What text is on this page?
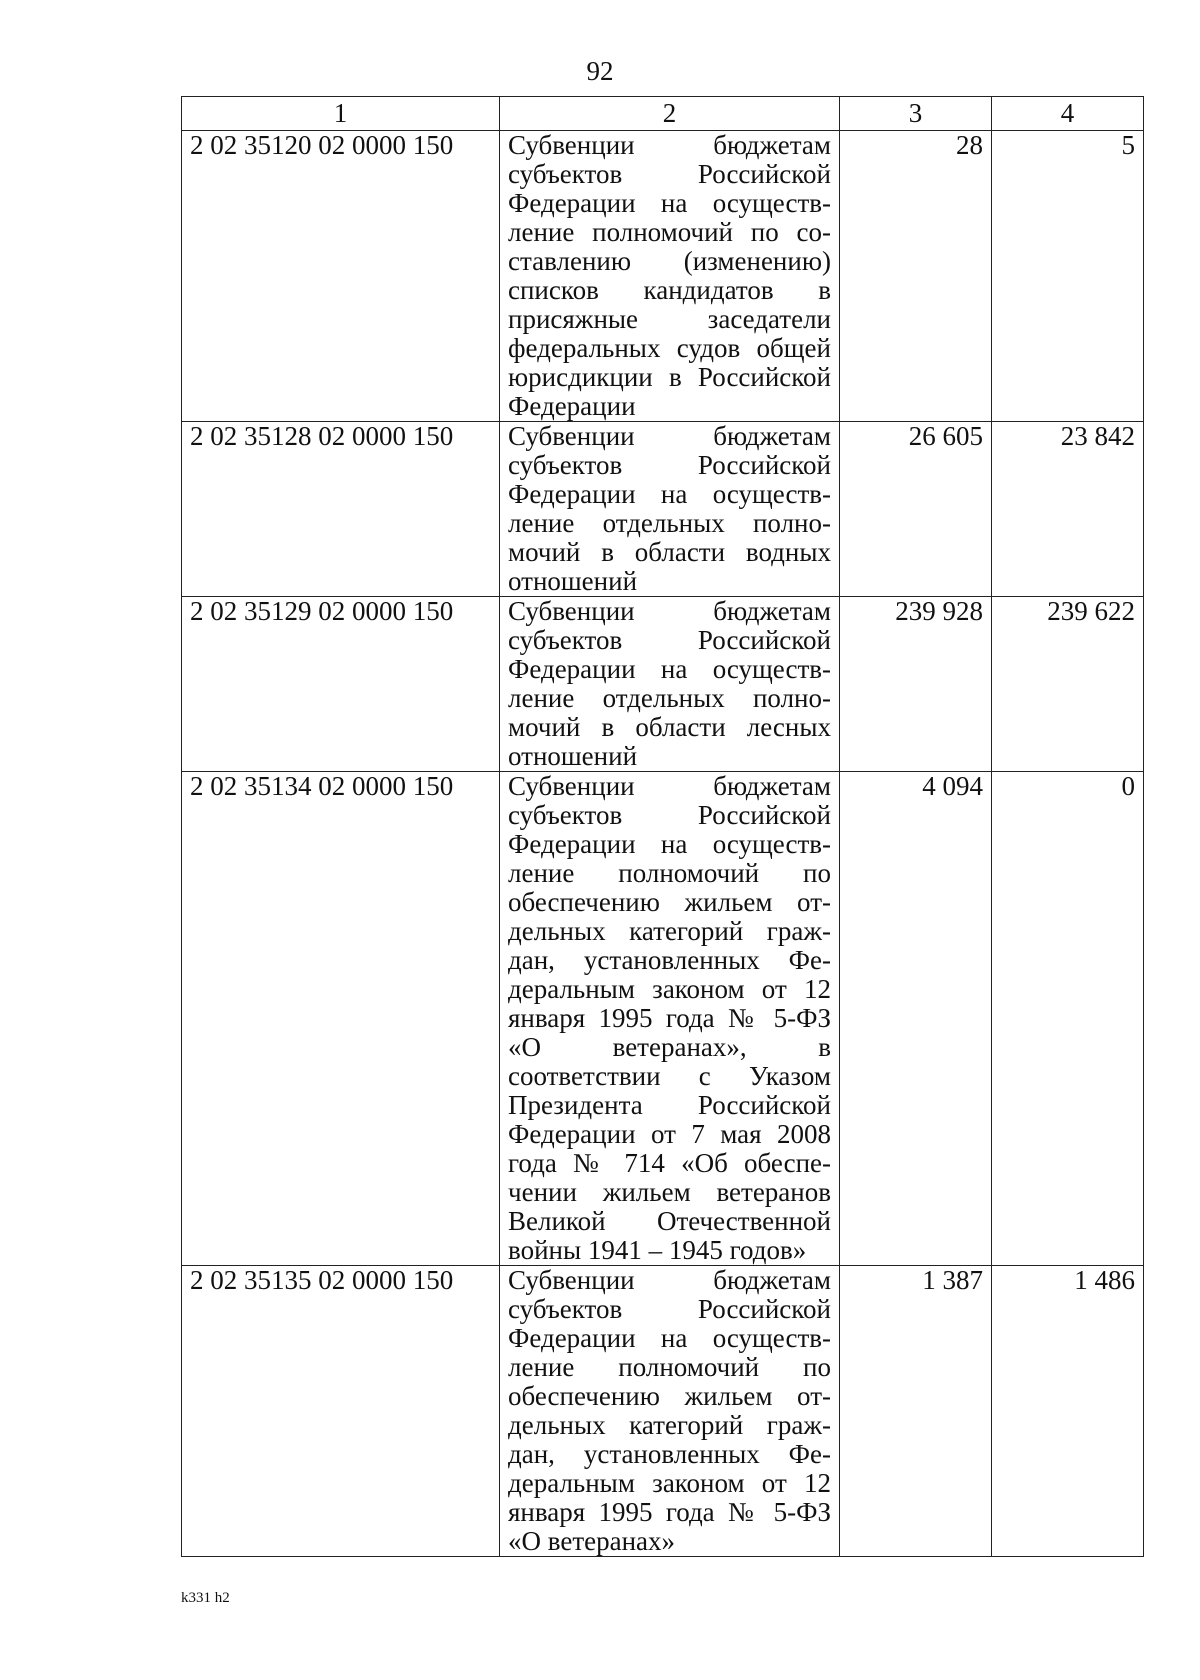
92
1	2	3	4
2 02 35120 02 0000 150	Субвенции бюджетам субъектов Российской Федерации на осуществление полномочий по составлению (изменению) списков кандидатов в присяжные заседатели федеральных судов общей юрисдикции в Российской Федерации	28	5
2 02 35128 02 0000 150	Субвенции бюджетам субъектов Российской Федерации на осуществление отдельных полномочий в области водных отношений	26 605	23 842
2 02 35129 02 0000 150	Субвенции бюджетам субъектов Российской Федерации на осуществление отдельных полномочий в области лесных отношений	239 928	239 622
2 02 35134 02 0000 150	Субвенции бюджетам субъектов Российской Федерации на осуществление полномочий по обеспечению жильем отдельных категорий граждан, установленных Федеральным законом от 12 января 1995 года № 5-ФЗ «О ветеранах», в соответствии с Указом Президента Российской Федерации от 7 мая 2008 года № 714 «Об обеспечении жильем ветеранов Великой Отечественной войны 1941 – 1945 годов»	4 094	0
2 02 35135 02 0000 150	Субвенции бюджетам субъектов Российской Федерации на осуществление полномочий по обеспечению жильем отдельных категорий граждан, установленных Федеральным законом от 12 января 1995 года № 5-ФЗ «О ветеранах»	1 387	1 486
k331 h2
